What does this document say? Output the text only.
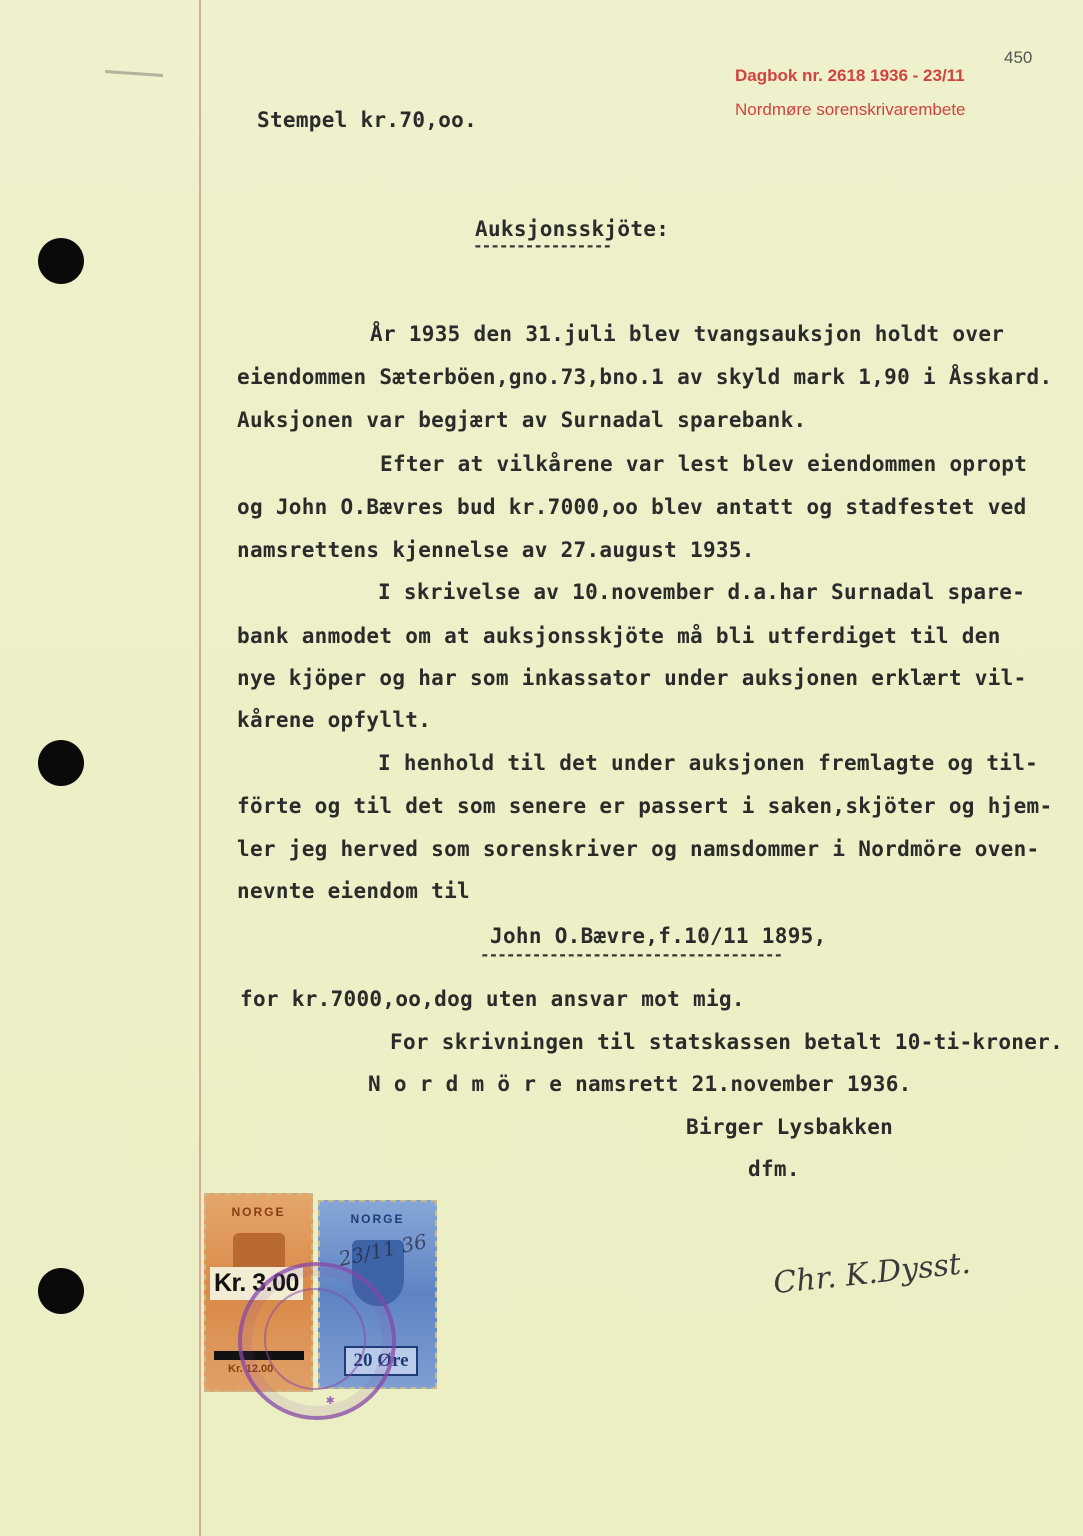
Dagbok nr. 2618 1936 - 23/11
Nordmøre sorenskrivarembete
450
Stempel kr.70,oo.
Auksjonsskjöte:
----------------
År 1935 den 31.juli blev tvangsauksjon holdt over
eiendommen Sæterböen,gno.73,bno.1 av skyld mark 1,90 i Åsskard.
Auksjonen var begjært av Surnadal sparebank.
Efter at vilkårene var lest blev eiendommen opropt
og John O.Bævres bud kr.7000,oo blev antatt og stadfestet ved
namsrettens kjennelse av 27.august 1935.
I skrivelse av 10.november d.a.har Surnadal spare-
bank anmodet om at auksjonsskjöte må bli utferdiget til den
nye kjöper og har som inkassator under auksjonen erklært vil-
kårene opfyllt.
I henhold til det under auksjonen fremlagte og til-
förte og til det som senere er passert i saken,skjöter og hjem-
ler jeg herved som sorenskriver og namsdommer i Nordmöre oven-
nevnte eiendom til
John O.Bævre,f.10/11 1895,
-----------------------------------
for kr.7000,oo,dog uten ansvar mot mig.
For skrivningen til statskassen betalt 10-ti-kroner.
N o r d m ö r e namsrett 21.november 1936.
Birger Lysbakken
dfm.
Chr. K.Dysst.
NORGE
Kr. 3.00
Kr. 12.00
NORGE
20 Øre
23/11 36
✱
